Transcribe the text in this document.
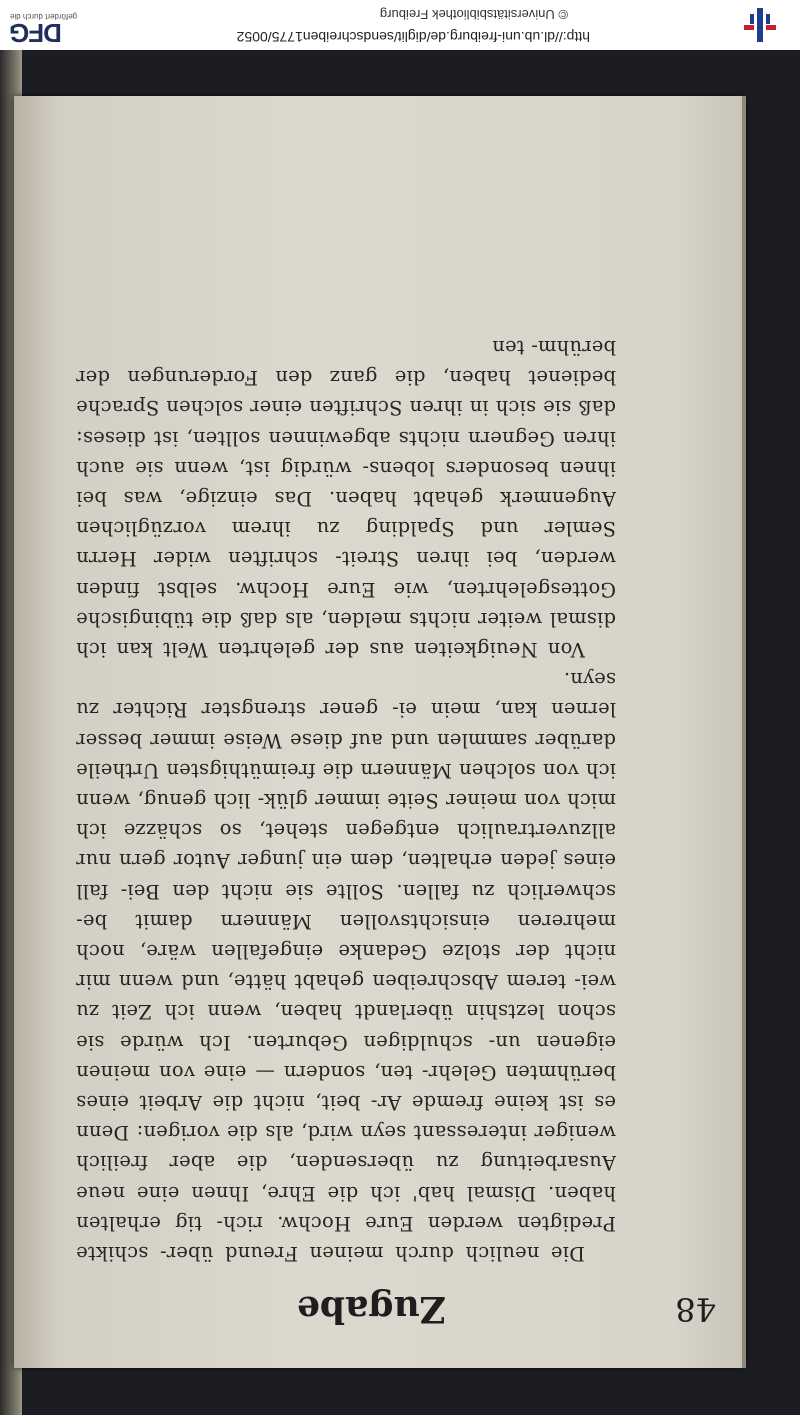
© Universitätsbibliothek Freiburg
http://dl.ub.uni-freiburg.de/diglit/sendschreiben1775/0052
DFG
gefördert durch die
48
Zugabe

Die neulich durch meinen Freund über- schikte Predigten werden Eure Hochw. rich- tig erhalten haben. Dismal hab' ich die Ehre, Ihnen eine neue Ausarbeitung zu übersenden, die aber freilich weniger interessant seyn wird, als die vorigen: Denn es ist keine fremde Ar- beit, nicht die Arbeit eines berühmten Gelehr- ten, sondern — eine von meinen eigenen un- schuldigen Geburten. Ich würde sie schon leztshin überlandt haben, wenn ich Zeit zu wei- terem Abschreiben gehabt hätte, und wenn mir nicht der stolze Gedanke eingefallen wäre, noch mehreren einsichtsvollen Männern damit be- schwerlich zu fallen. Sollte sie nicht den Bei- fall eines jeden erhalten, dem ein junger Autor gern nur allzuvertraulich entgegen stehet, so schäzze ich mich von meiner Seite immer glük- lich genug, wenn ich von solchen Männern die freimüthigsten Urtheile darüber sammlen und auf diese Weise immer besser lernen kan, mein ei- gener strengster Richter zu seyn.

Von Neuigkeiten aus der gelehrten Welt kan ich dismal weiter nichts melden, als daß die tübingische Gottesgelehrten, wie Eure Hochw. selbst finden werden, bei ihren Streit- schriften wider Herrn Semler und Spalding zu ihrem vorzüglichen Augenmerk gehabt haben. Das einzige, was bei ihnen besonders lobens- würdig ist, wenn sie auch ihren Gegnern nichts abgewinnen sollten, ist dieses: daß sie sich in ihren Schriften einer solchen Sprache bedienet haben, die ganz den Forderungen der berühm- ten
